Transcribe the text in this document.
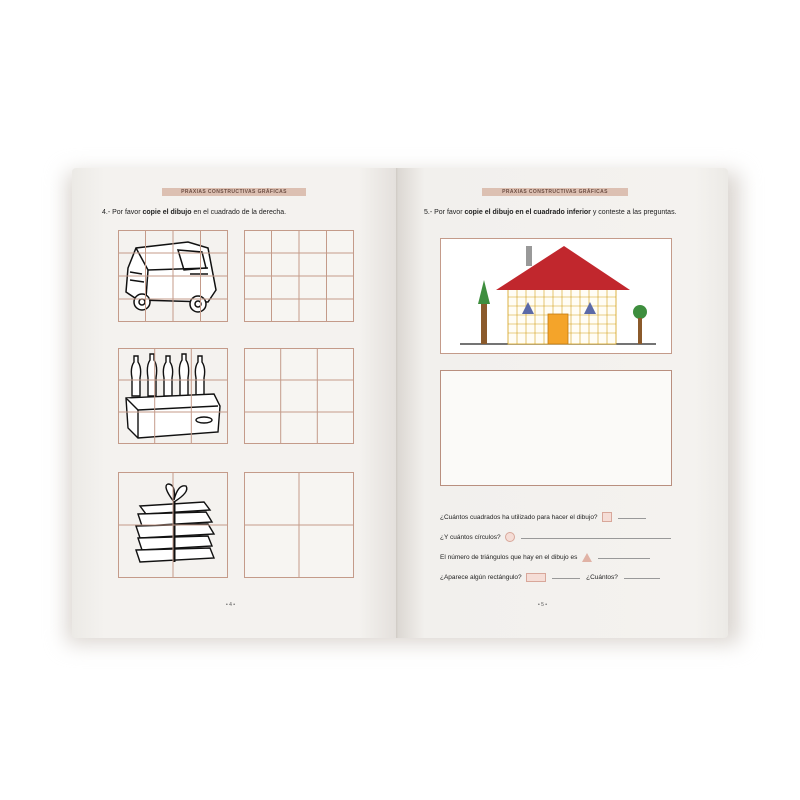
PRAXIAS CONSTRUCTIVAS GRÁFICAS
4.- Por favor copie el dibujo en el cuadrado de la derecha.
• 4 •
PRAXIAS CONSTRUCTIVAS GRÁFICAS
5.- Por favor copie el dibujo en el cuadrado inferior y conteste a las preguntas.
¿Cuántos cuadrados ha utilizado para hacer el dibujo?
¿Y cuántos círculos?
El número de triángulos que hay en el dibujo es
¿Aparece algún rectángulo?	¿Cuántos?
• 5 •
